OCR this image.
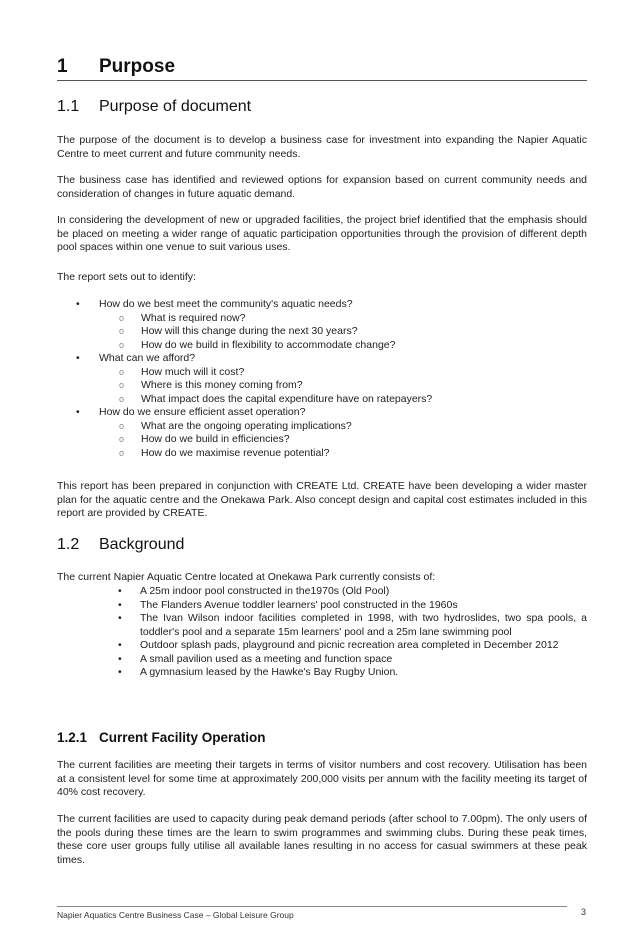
1 Purpose
1.1 Purpose of document

The purpose of the document is to develop a business case for investment into expanding the Napier Aquatic Centre to meet current and future community needs.

The business case has identified and reviewed options for expansion based on current community needs and consideration of changes in future aquatic demand.

In considering the development of new or upgraded facilities, the project brief identified that the emphasis should be placed on meeting a wider range of aquatic participation opportunities through the provision of different depth pool spaces within one venue to suit various uses.

The report sets out to identify:

• How do we best meet the community's aquatic needs?
o What is required now?
o How will this change during the next 30 years?
o How do we build in flexibility to accommodate change?
• What can we afford?
o How much will it cost?
o Where is this money coming from?
o What impact does the capital expenditure have on ratepayers?
• How do we ensure efficient asset operation?
o What are the ongoing operating implications?
o How do we build in efficiencies?
o How do we maximise revenue potential?

This report has been prepared in conjunction with CREATE Ltd. CREATE have been developing a wider master plan for the aquatic centre and the Onekawa Park. Also concept design and capital cost estimates included in this report are provided by CREATE.

1.2 Background

The current Napier Aquatic Centre located at Onekawa Park currently consists of:

• A 25m indoor pool constructed in the1970s (Old Pool)
• The Flanders Avenue toddler learners' pool constructed in the 1960s
• The Ivan Wilson indoor facilities completed in 1998, with two hydroslides, two spa pools, a toddler's pool and a separate 15m learners' pool and a 25m lane swimming pool
• Outdoor splash pads, playground and picnic recreation area completed in December 2012
• A small pavilion used as a meeting and function space
• A gymnasium leased by the Hawke's Bay Rugby Union.
1.2.1 Current Facility Operation

The current facilities are meeting their targets in terms of visitor numbers and cost recovery. Utilisation has been at a consistent level for some time at approximately 200,000 visits per annum with the facility meeting its target of 40% cost recovery.

The current facilities are used to capacity during peak demand periods (after school to 7.00pm). The only users of the pools during these times are the learn to swim programmes and swimming clubs. During these peak times, these core user groups fully utilise all available lanes resulting in no access for casual swimmers at these peak times.

Napier Aquatics Centre Business Case – Global Leisure Group	3
